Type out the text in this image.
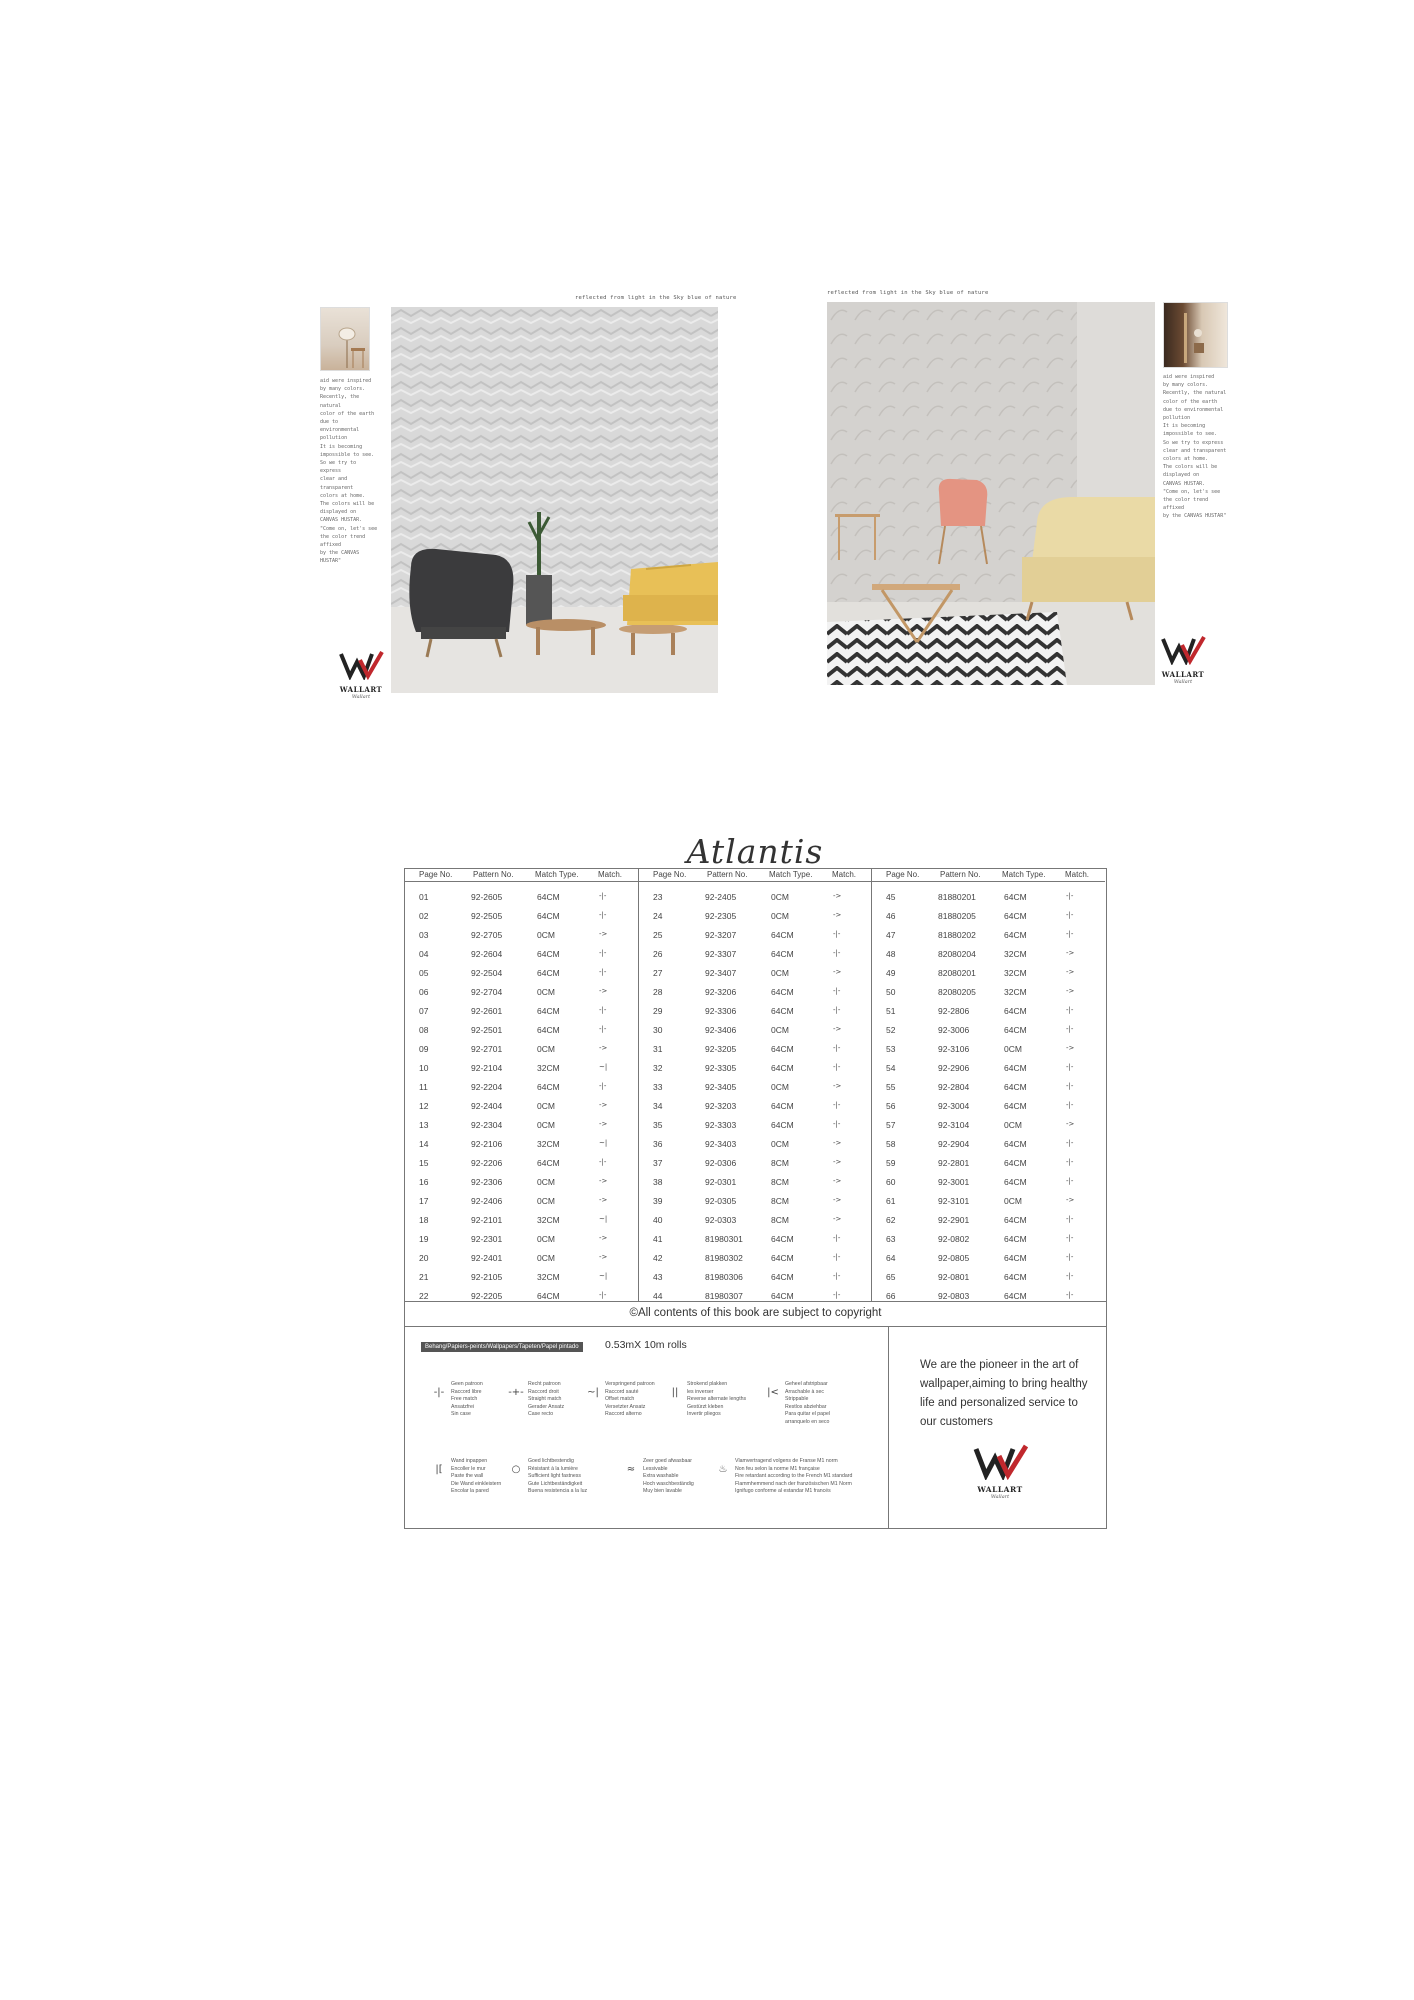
reflected from light in the Sky blue of nature
aid were inspired
by many colors.
Recently, the natural
color of the earth
due to environmental
pollution
It is becoming
impossible to see.
So we try to express
clear and transparent
colors at home.
The colors will be
displayed on
CANVAS HUSTAR.
"Come on, let's see
the color trend affixed
by the CANVAS HUSTAR"
WALLART
Wallart
reflected from light in the Sky blue of nature
aid were inspired
by many colors.
Recently, the natural
color of the earth
due to environmental
pollution
It is becoming
impossible to see.
So we try to express
clear and transparent
colors at home.
The colors will be
displayed on
CANVAS HUSTAR.
"Come on, let's see
the color trend affixed
by the CANVAS HUSTAR"
WALLART
Wallart
Atlantis
Page No.	Pattern No.	Match Type. Match.
01	92-2605	64CM	-|-
02	92-2505	64CM	-|-
03	92-2705	0CM	->
04	92-2604	64CM	-|-
05	92-2504	64CM	-|-
06	92-2704	0CM	->
07	92-2601	64CM	-|-
08	92-2501	64CM	-|-
09	92-2701	0CM	->
10	92-2104	32CM	~|
11	92-2204	64CM	-|-
12	92-2404	0CM	->
13	92-2304	0CM	->
14	92-2106	32CM	~|
15	92-2206	64CM	-|-
16	92-2306	0CM	->
17	92-2406	0CM	->
18	92-2101	32CM	~|
19	92-2301	0CM	->
20	92-2401	0CM	->
21	92-2105	32CM	~|
22	92-2205	64CM	-|-
Page No.	Pattern No.	Match Type. Match.
23	92-2405	0CM	->
24	92-2305	0CM	->
25	92-3207	64CM	-|-
26	92-3307	64CM	-|-
27	92-3407	0CM	->
28	92-3206	64CM	-|-
29	92-3306	64CM	-|-
30	92-3406	0CM	->
31	92-3205	64CM	-|-
32	92-3305	64CM	-|-
33	92-3405	0CM	->
34	92-3203	64CM	-|-
35	92-3303	64CM	-|-
36	92-3403	0CM	->
37	92-0306	8CM	->
38	92-0301	8CM	->
39	92-0305	8CM	->
40	92-0303	8CM	->
41	81980301	64CM	-|-
42	81980302	64CM	-|-
43	81980306	64CM	-|-
44	81980307	64CM	-|-
Page No.	Pattern No.	Match Type. Match.
45	81880201	64CM	-|-
46	81880205	64CM	-|-
47	81880202	64CM	-|-
48	82080204	32CM	->
49	82080201	32CM	->
50	82080205	32CM	->
51	92-2806	64CM	-|-
52	92-3006	64CM	-|-
53	92-3106	0CM	->
54	92-2906	64CM	-|-
55	92-2804	64CM	-|-
56	92-3004	64CM	-|-
57	92-3104	0CM	->
58	92-2904	64CM	-|-
59	92-2801	64CM	-|-
60	92-3001	64CM	-|-
61	92-3101	0CM	->
62	92-2901	64CM	-|-
63	92-0802	64CM	-|-
64	92-0805	64CM	-|-
65	92-0801	64CM	-|-
66	92-0803	64CM	-|-
©All contents of this book are subject to copyright
Behang/Papiers-peints/Wallpapers/Tapeten/Papel pintado	0.53mX 10m rolls
-|-
Geen patroon
Raccord libre
Free match
Ansatzfrei
Sin case
-+-
Recht patroon
Raccord droit
Straight match
Gerader Ansatz
Case recto
~|
Verspringend patroon
Raccord sauté
Offset match
Versetzter Ansatz
Raccord alterno
||
Strokend plakken
les inverser
Reverse alternate lengths
Gestürzt kleben
Invertir pliegos
|<
Geheel afstripbaar
Arrachable à sec
Strippable
Restlos abziehbar
Para quitar el papel
arranquelo en seco
|[
Wand inpappen
Encoller le mur
Paste the wall
Die Wand einkleistern
Encolar la pared
○
Goed lichtbestendig
Résistant à la lumière
Sufficient light fastness
Gute Lichtbeständigkeit
Buena resistencia a la luz
≈
Zeer goed afwasbaar
Lessivable
Extra washable
Hoch waschbeständig
Muy bien lavable
♨
Vlamvertragend volgens de Franse M1 norm
Non feu selon la norme M1 française
Fire retardant according to the French M1 standard
Flammhemmend nach der französischen M1 Norm
Ignifugo conforme al estandar M1 francés
We are the pioneer in the art of wallpaper,aiming to bring healthy life and personalized service to our customers
WALLART
Wallart
